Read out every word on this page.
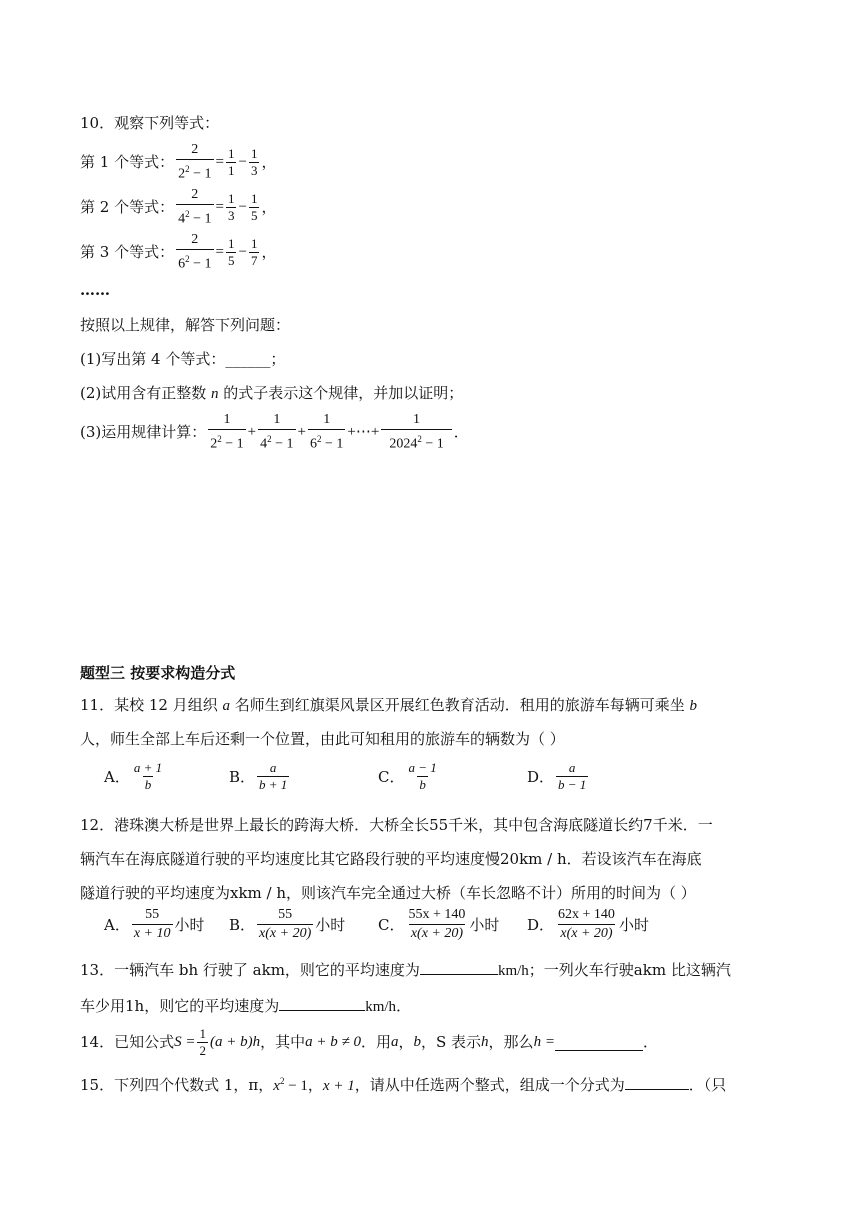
10．观察下列等式：
第 1 个等式： $\frac{2}{2^2 - 1} = \frac{1}{1} - \frac{1}{3}$ ，
第 2 个等式： $\frac{2}{4^2 - 1} = \frac{1}{3} - \frac{1}{5}$ ，
第 3 个等式： $\frac{2}{6^2 - 1} = \frac{1}{5} - \frac{1}{7}$ ，
……
按照以上规律，解答下列问题：
(1)写出第 4 个等式：______；
(2)试用含有正整数 n 的式子表示这个规律，并加以证明；
(3)运用规律计算： $\frac{1}{2^2 - 1} + \frac{1}{4^2 - 1} + \frac{1}{6^2 - 1}$ +⋯+ $\frac{1}{2024^2 - 1}$ ．
题型三 按要求构造分式
11．某校 12 月组织 a 名师生到红旗渠风景区开展红色教育活动．租用的旅游车每辆可乘坐 b
人，师生全部上车后还剩一个位置，由此可知租用的旅游车的辆数为（ ）
A． $\frac{a + 1}{b}$	B． $\frac{a}{b + 1}$	C． $\frac{a - 1}{b}$	D． $\frac{a}{b - 1}$
12．港珠澳大桥是世界上最长的跨海大桥．大桥全长55千米，其中包含海底隧道长约7千米．一
辆汽车在海底隧道行驶的平均速度比其它路段行驶的平均速度慢20km / h．若设该汽车在海底
隧道行驶的平均速度为xkm / h，则该汽车完全通过大桥（车长忽略不计）所用的时间为（ ）
A． $\frac{55}{x + 10}$ 小时 B． $\frac{55}{x(x + 20)}$ 小时 C． $\frac{55x + 140}{x(x + 20)}$ 小时 D． $\frac{62x + 140}{x(x + 20)}$ 小时
13．一辆汽车 bh 行驶了 akm，则它的平均速度为	km/h；一列火车行驶akm 比这辆汽
车少用1h，则它的平均速度为	km/h．
14．已知公式 $S = \frac{1}{2} (a + b)h$ ，其中 a + b ≠ 0 ．用 a ， b ，S 表示 h ，那么 h =	．
15．下列四个代数式 1，π，$x^2 - 1$，x + 1，请从中任选两个整式，组成一个分式为	．（只
